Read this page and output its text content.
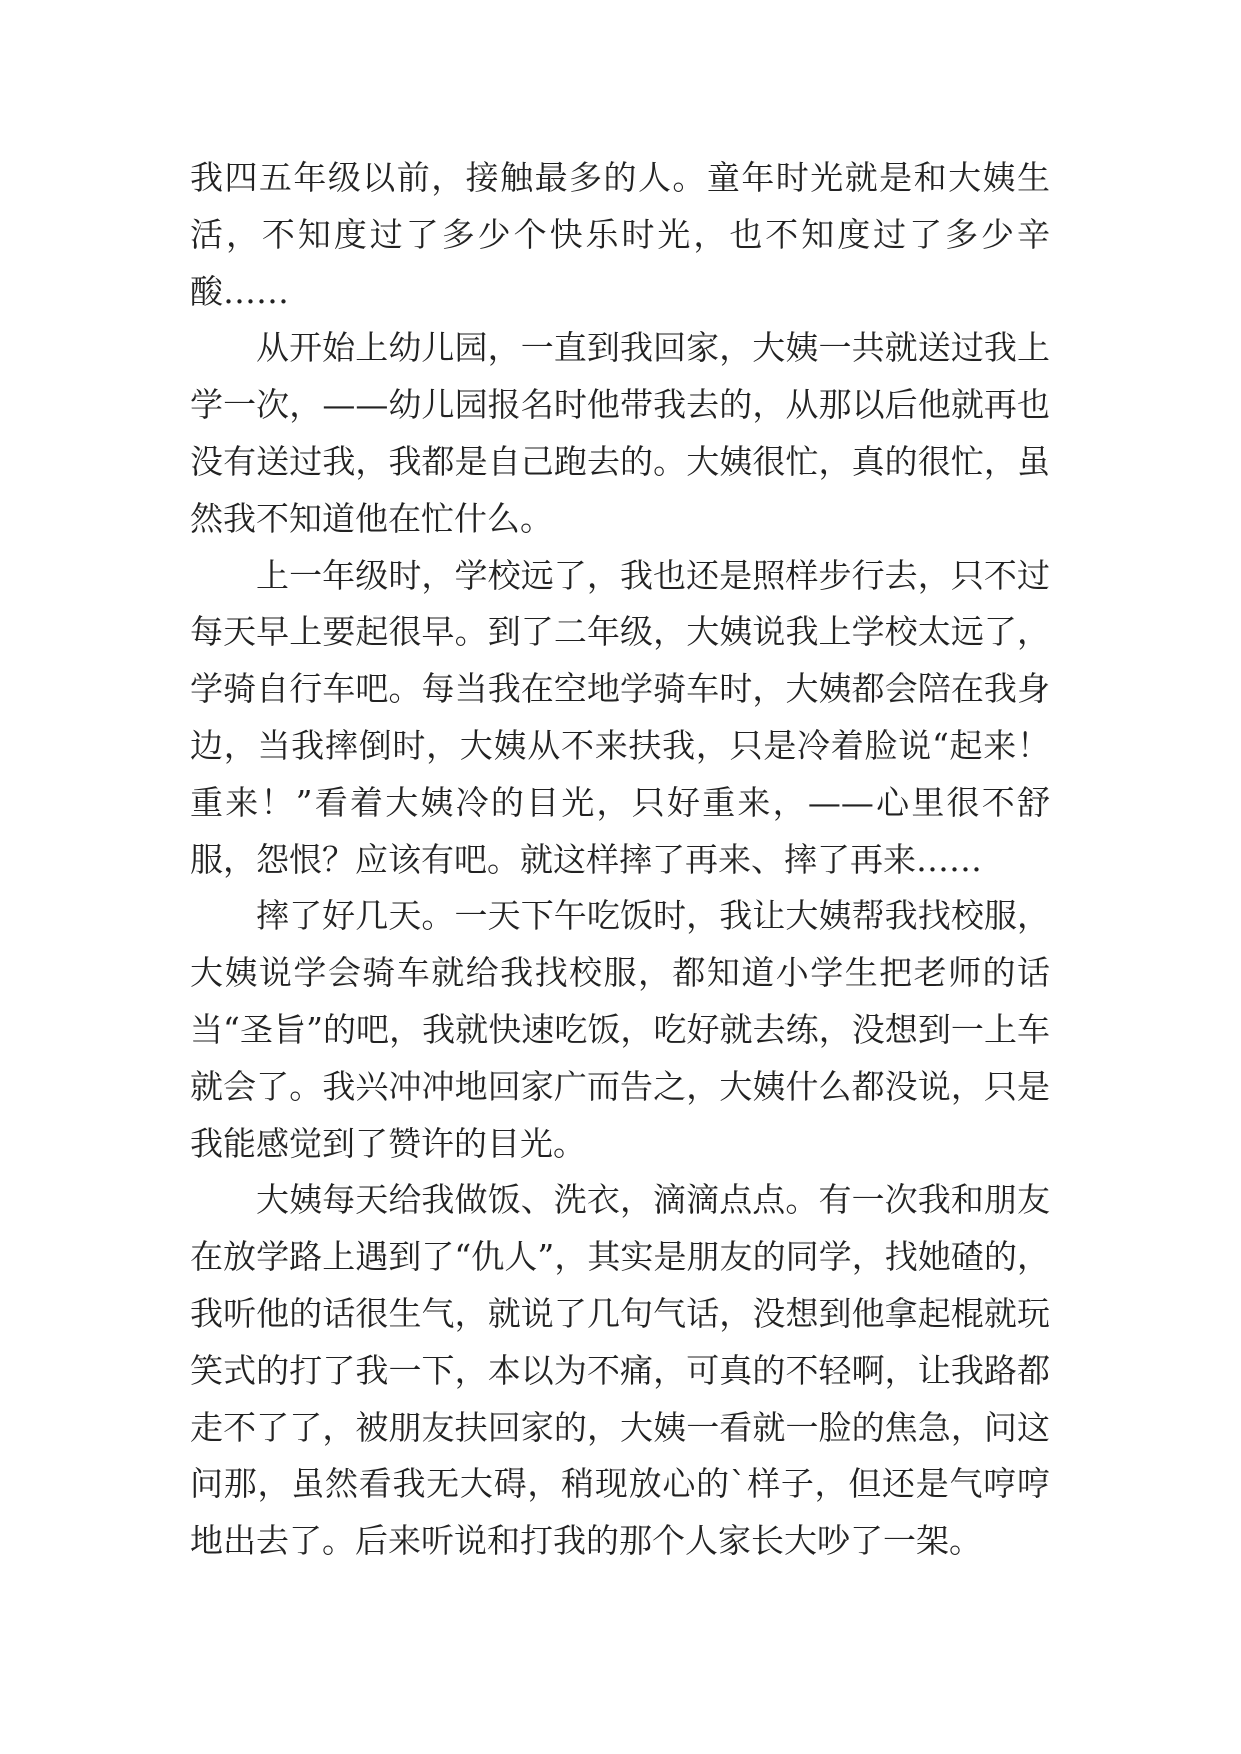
我四五年级以前，接触最多的人。童年时光就是和大姨生活，不知度过了多少个快乐时光，也不知度过了多少辛酸……

从开始上幼儿园，一直到我回家，大姨一共就送过我上学一次，——幼儿园报名时他带我去的，从那以后他就再也没有送过我，我都是自己跑去的。大姨很忙，真的很忙，虽然我不知道他在忙什么。

上一年级时，学校远了，我也还是照样步行去，只不过每天早上要起很早。到了二年级，大姨说我上学校太远了，学骑自行车吧。每当我在空地学骑车时，大姨都会陪在我身边，当我摔倒时，大姨从不来扶我，只是冷着脸说“起来！重来！”看着大姨冷的目光，只好重来，——心里很不舒服，怨恨？应该有吧。就这样摔了再来、摔了再来……

摔了好几天。一天下午吃饭时，我让大姨帮我找校服，大姨说学会骑车就给我找校服，都知道小学生把老师的话当“圣旨”的吧，我就快速吃饭，吃好就去练，没想到一上车就会了。我兴冲冲地回家广而告之，大姨什么都没说，只是我能感觉到了赞许的目光。

大姨每天给我做饭、洗衣，滴滴点点。有一次我和朋友在放学路上遇到了“仇人”，其实是朋友的同学，找她碴的，我听他的话很生气，就说了几句气话，没想到他拿起棍就玩笑式的打了我一下，本以为不痛，可真的不轻啊，让我路都走不了了，被朋友扶回家的，大姨一看就一脸的焦急，问这问那，虽然看我无大碍，稍现放心的`样子，但还是气哼哼地出去了。后来听说和打我的那个人家长大吵了一架。
